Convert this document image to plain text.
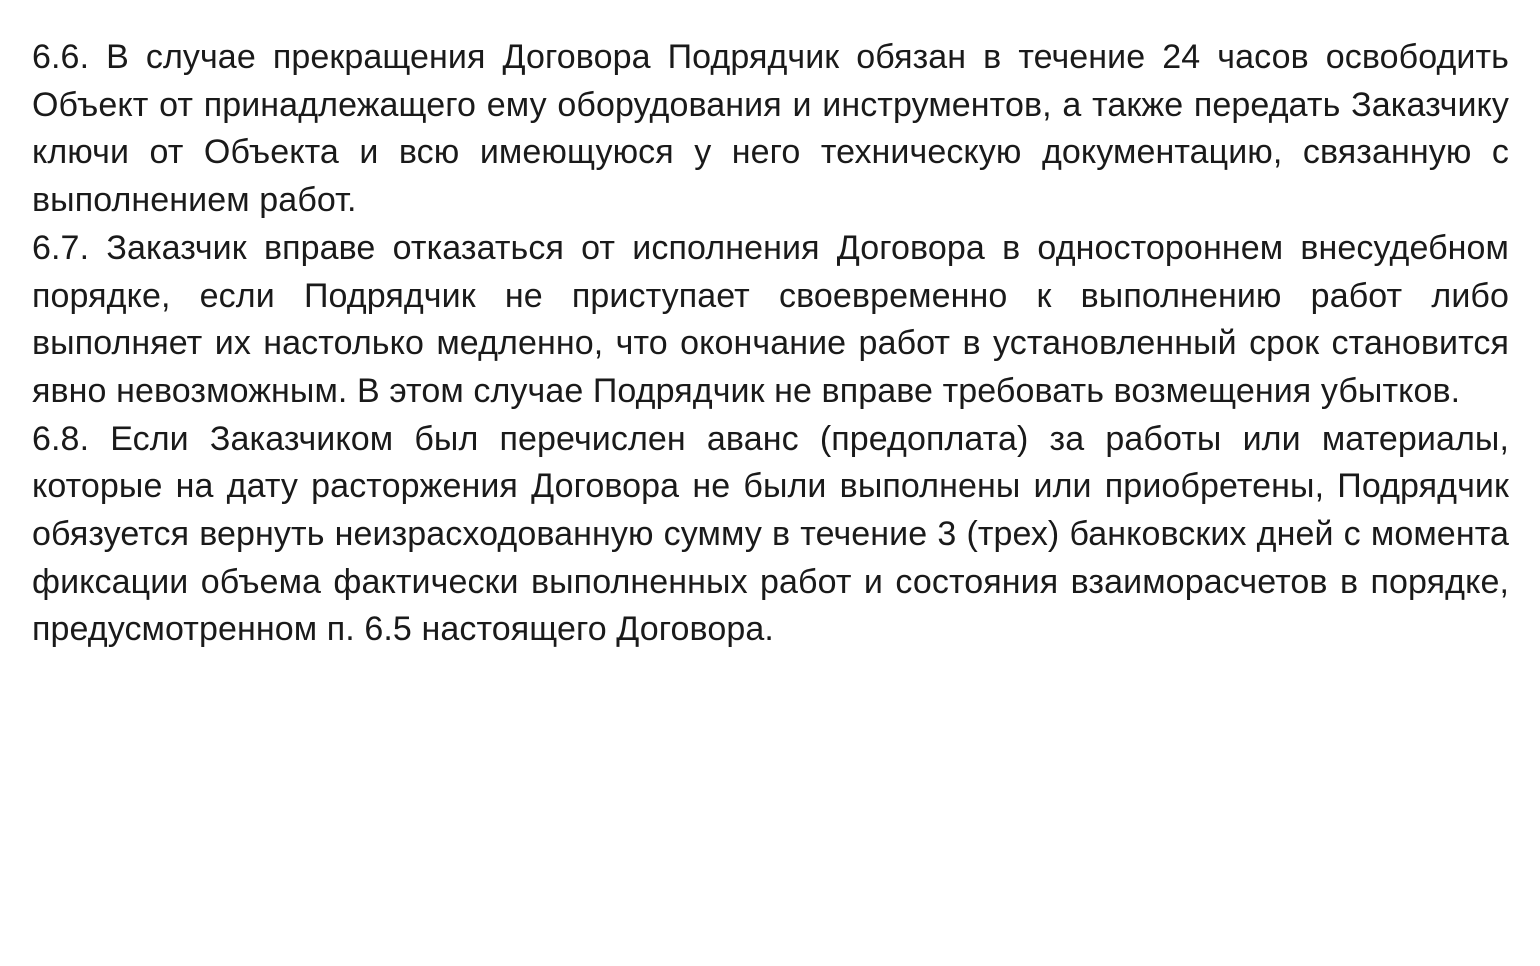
6.6. В случае прекращения Договора Подрядчик обязан в течение 24 часов освободить Объект от принадлежащего ему оборудования и инструментов, а также передать Заказчику ключи от Объекта и всю имеющуюся у него техническую документацию, связанную с выполнением работ.

6.7. Заказчик вправе отказаться от исполнения Договора в одностороннем внесудебном порядке, если Подрядчик не приступает своевременно к выполнению работ либо выполняет их настолько медленно, что окончание работ в установленный срок становится явно невозможным. В этом случае Подрядчик не вправе требовать возмещения убытков.

6.8. Если Заказчиком был перечислен аванс (предоплата) за работы или материалы, которые на дату расторжения Договора не были выполнены или приобретены, Подрядчик обязуется вернуть неизрасходованную сумму в течение 3 (трех) банковских дней с момента фиксации объема фактически выполненных работ и состояния взаиморасчетов в порядке, предусмотренном п. 6.5 настоящего Договора.
